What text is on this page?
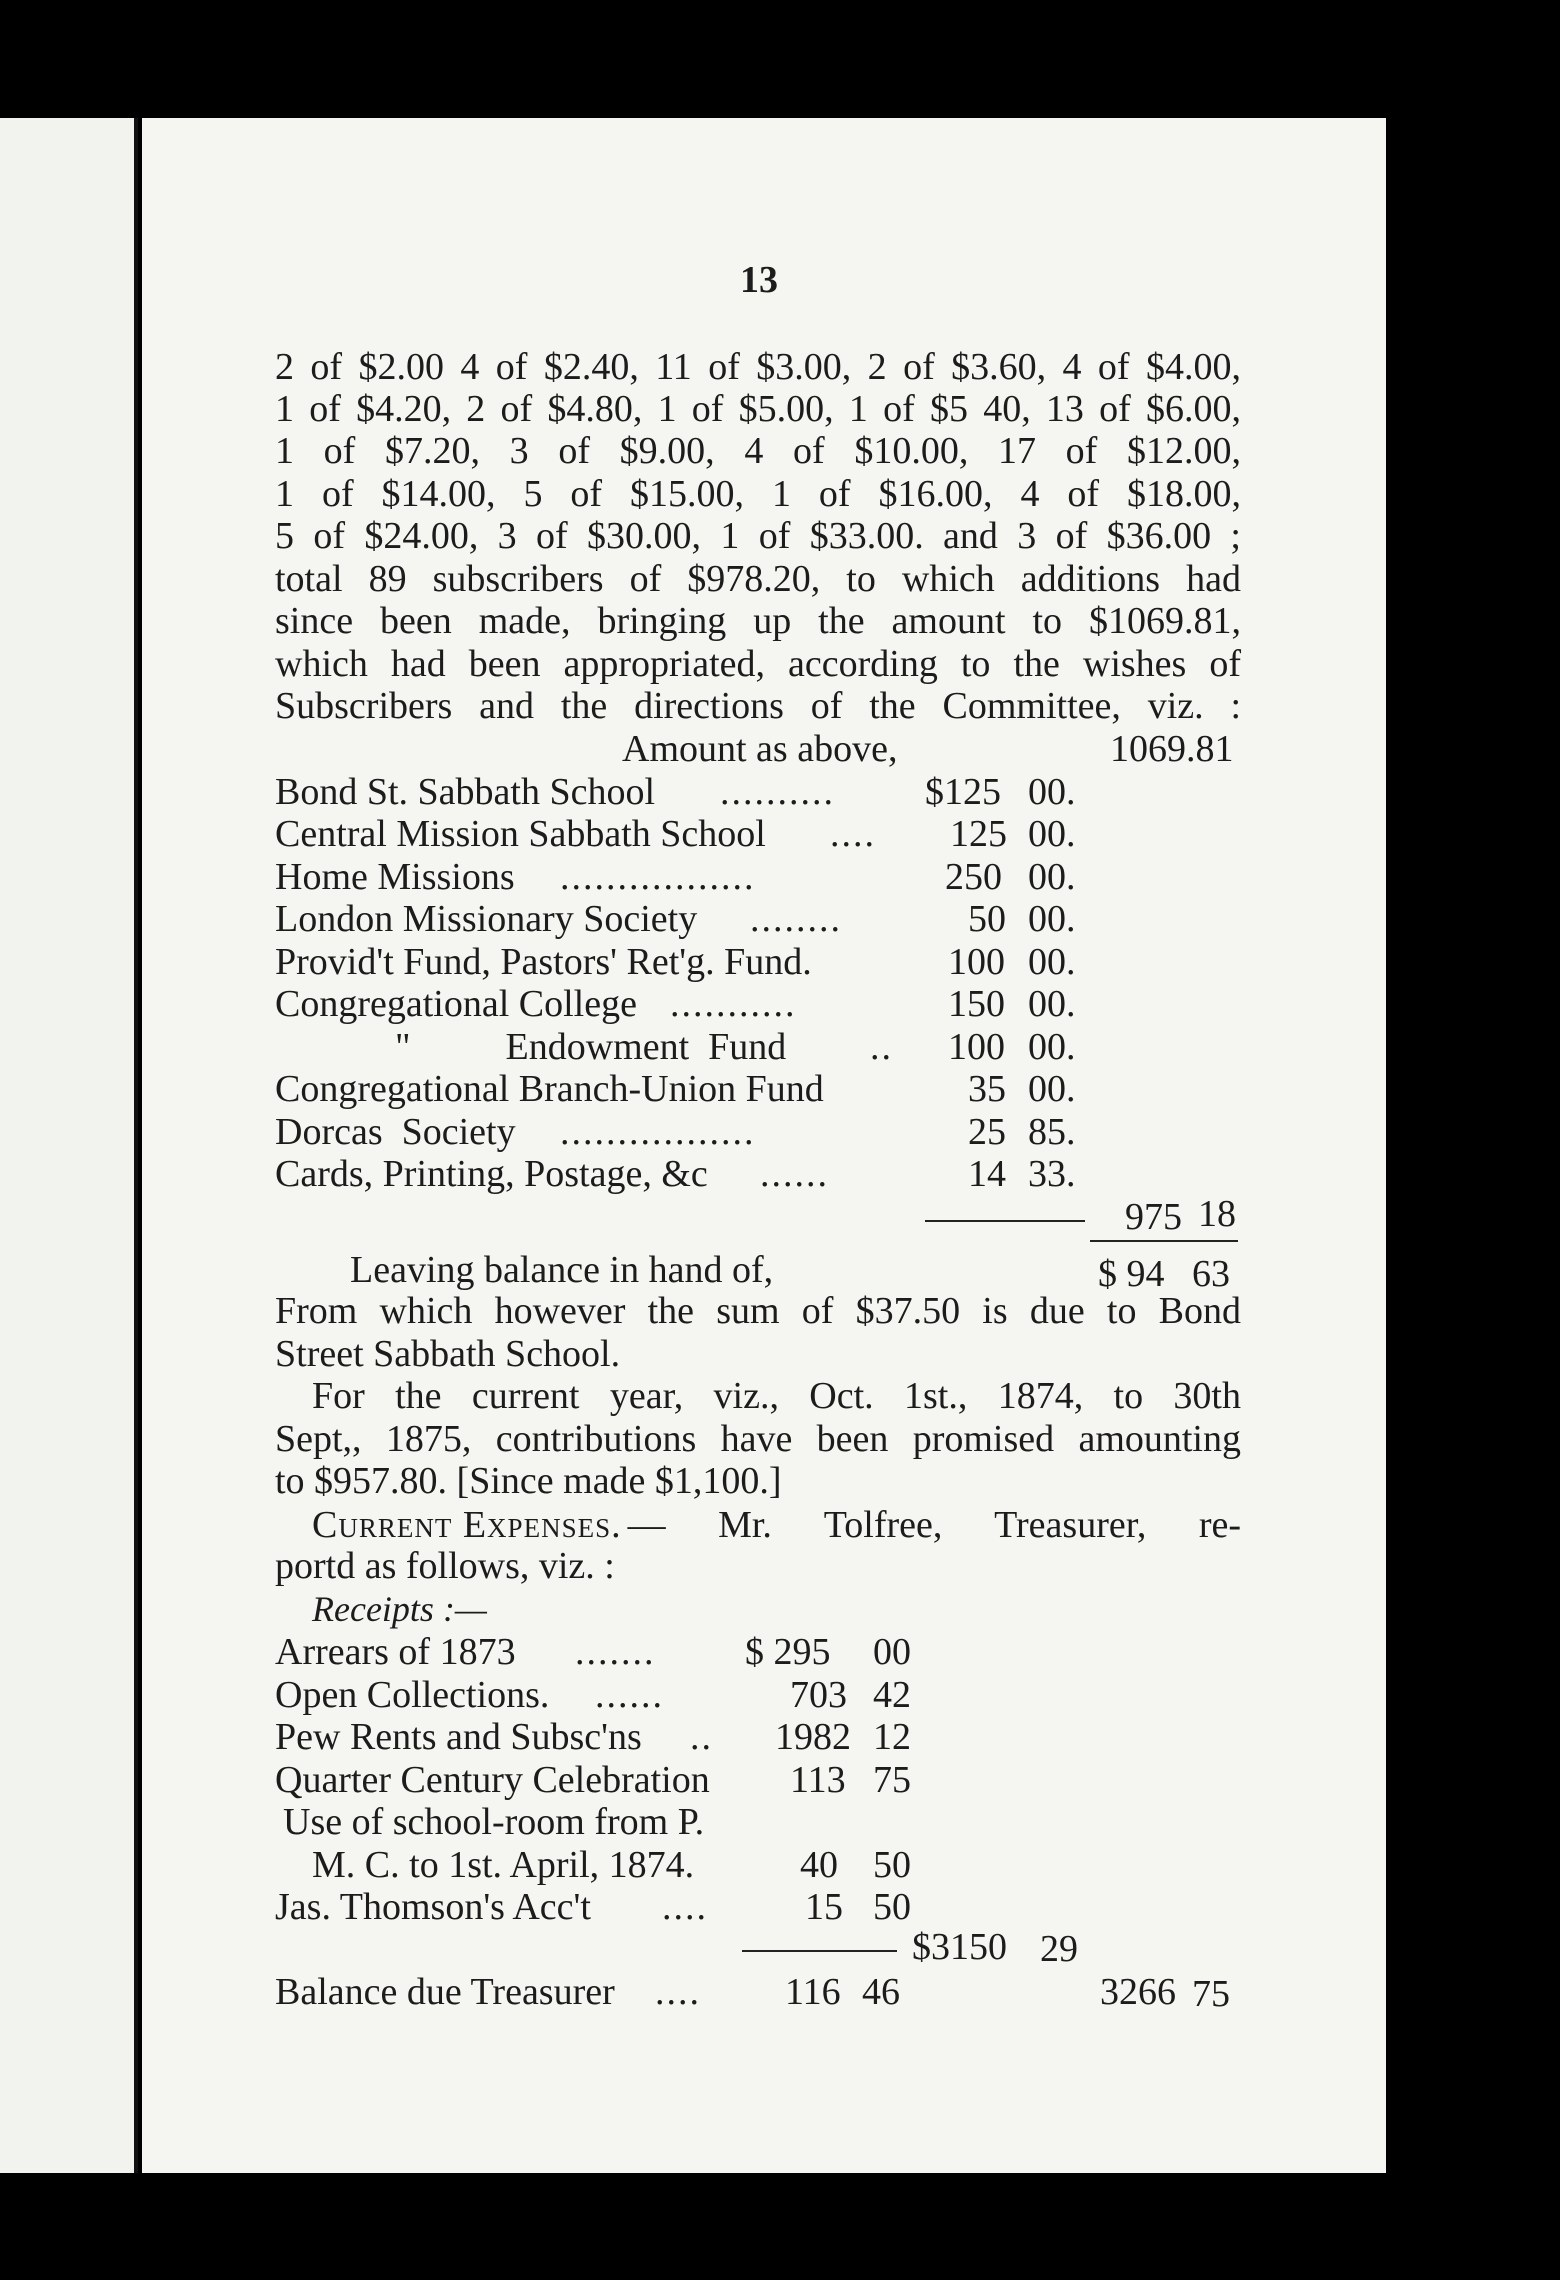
13
2 of $2.00 4 of $2.40, 11 of $3.00, 2 of $3.60, 4 of $4.00,
1 of $4.20, 2 of $4.80, 1 of $5.00, 1 of $5 40, 13 of $6.00,
1 of $7.20, 3 of $9.00, 4 of $10.00, 17 of $12.00,
1 of $14.00, 5 of $15.00, 1 of $16.00, 4 of $18.00,
5 of $24.00, 3 of $30.00, 1 of $33.00. and 3 of $36.00 ;
total 89 subscribers of $978.20, to which additions had
since been made, bringing up the amount to $1069.81,
which had been appropriated, according to the wishes of
Subscribers and the directions of the Committee, viz. :
Amount as above,	1069.81
Bond St. Sabbath School .......... $125 00.
Central Mission Sabbath School .... 125 00.
Home Missions .................	250 00.
London Missionary Society ........	50 00.
Provid't Fund, Pastors' Ret'g. Fund.	100 00.
Congregational College ...........	150 00.
"          Endowment  Fund .. 100 00.
Congregational Branch-Union Fund	35 00.
Dorcas  Society .................	25 85.
Cards, Printing, Postage, &c ......	14 33.
975 18
Leaving balance in hand of,	$ 94 63
From which however the sum of $37.50 is due to Bond
Street Sabbath School.
For the current year, viz., Oct. 1st., 1874, to 30th
Sept,, 1875, contributions have been promised amounting
to $957.80. [Since made $1,100.]
Current Expenses. — Mr. Tolfree, Treasurer, re-
portd as follows, viz. :
Receipts :—
Arrears of 1873 ....... $ 295 00
Open Collections. ......	703 42
Pew Rents and Subsc'ns .. 1982 12
Quarter Century Celebration 113 75
Use of school-room from P.
M. C. to 1st. April, 1874.	40 50
Jas. Thomson's Acc't ....	15 50
$3150 29
Balance due Treasurer .... 116 46	3266 75
